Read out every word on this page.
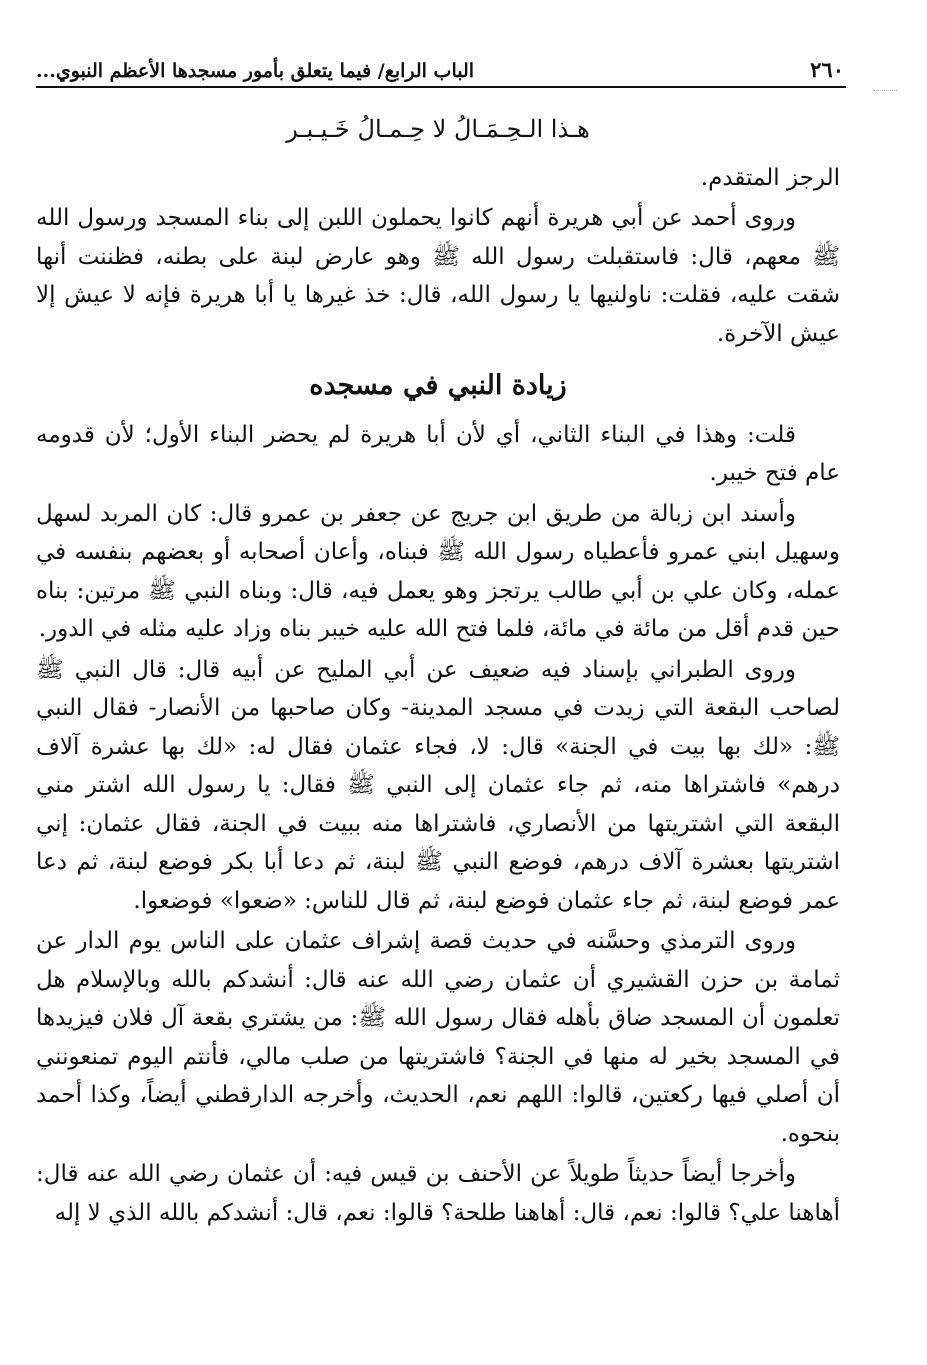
الباب الرابع/ فيما يتعلق بأمور مسجدها الأعظم النبوي...	٢٦٠
هـذا الـحِـمَـالُ لا حِـمـالُ خَـيـبـر

الرجز المتقدم.

وروى أحمد عن أبي هريرة أنهم كانوا يحملون اللبن إلى بناء المسجد ورسول الله ﷺ معهم، قال: فاستقبلت رسول الله ﷺ وهو عارض لبنة على بطنه، فظننت أنها شقت عليه، فقلت: ناولنيها يا رسول الله، قال: خذ غيرها يا أبا هريرة فإنه لا عيش إلا عيش الآخرة.

زيادة النبي في مسجده

قلت: وهذا في البناء الثاني، أي لأن أبا هريرة لم يحضر البناء الأول؛ لأن قدومه عام فتح خيبر.

وأسند ابن زبالة من طريق ابن جريج عن جعفر بن عمرو قال: كان المربد لسهل وسهيل ابني عمرو فأعطياه رسول الله ﷺ فبناه، وأعان أصحابه أو بعضهم بنفسه في عمله، وكان علي بن أبي طالب يرتجز وهو يعمل فيه، قال: وبناه النبي ﷺ مرتين: بناه حين قدم أقل من مائة في مائة، فلما فتح الله عليه خيبر بناه وزاد عليه مثله في الدور.

وروى الطبراني بإسناد فيه ضعيف عن أبي المليح عن أبيه قال: قال النبي ﷺ لصاحب البقعة التي زيدت في مسجد المدينة- وكان صاحبها من الأنصار- فقال النبي ﷺ: «لك بها بيت في الجنة» قال: لا، فجاء عثمان فقال له: «لك بها عشرة آلاف درهم» فاشتراها منه، ثم جاء عثمان إلى النبي ﷺ فقال: يا رسول الله اشتر مني البقعة التي اشتريتها من الأنصاري، فاشتراها منه ببيت في الجنة، فقال عثمان: إني اشتريتها بعشرة آلاف درهم، فوضع النبي ﷺ لبنة، ثم دعا أبا بكر فوضع لبنة، ثم دعا عمر فوضع لبنة، ثم جاء عثمان فوضع لبنة، ثم قال للناس: «ضعوا» فوضعوا.

وروى الترمذي وحسَّنه في حديث قصة إشراف عثمان على الناس يوم الدار عن ثمامة بن حزن القشيري أن عثمان رضي الله عنه قال: أنشدكم بالله وبالإسلام هل تعلمون أن المسجد ضاق بأهله فقال رسول الله ﷺ: من يشتري بقعة آل فلان فيزيدها في المسجد بخير له منها في الجنة؟ فاشتريتها من صلب مالي، فأنتم اليوم تمنعونني أن أصلي فيها ركعتين، قالوا: اللهم نعم، الحديث، وأخرجه الدارقطني أيضاً، وكذا أحمد بنحوه.

وأخرجا أيضاً حديثاً طويلاً عن الأحنف بن قيس فيه: أن عثمان رضي الله عنه قال: أهاهنا علي؟ قالوا: نعم، قال: أهاهنا طلحة؟ قالوا: نعم، قال: أنشدكم بالله الذي لا إله
